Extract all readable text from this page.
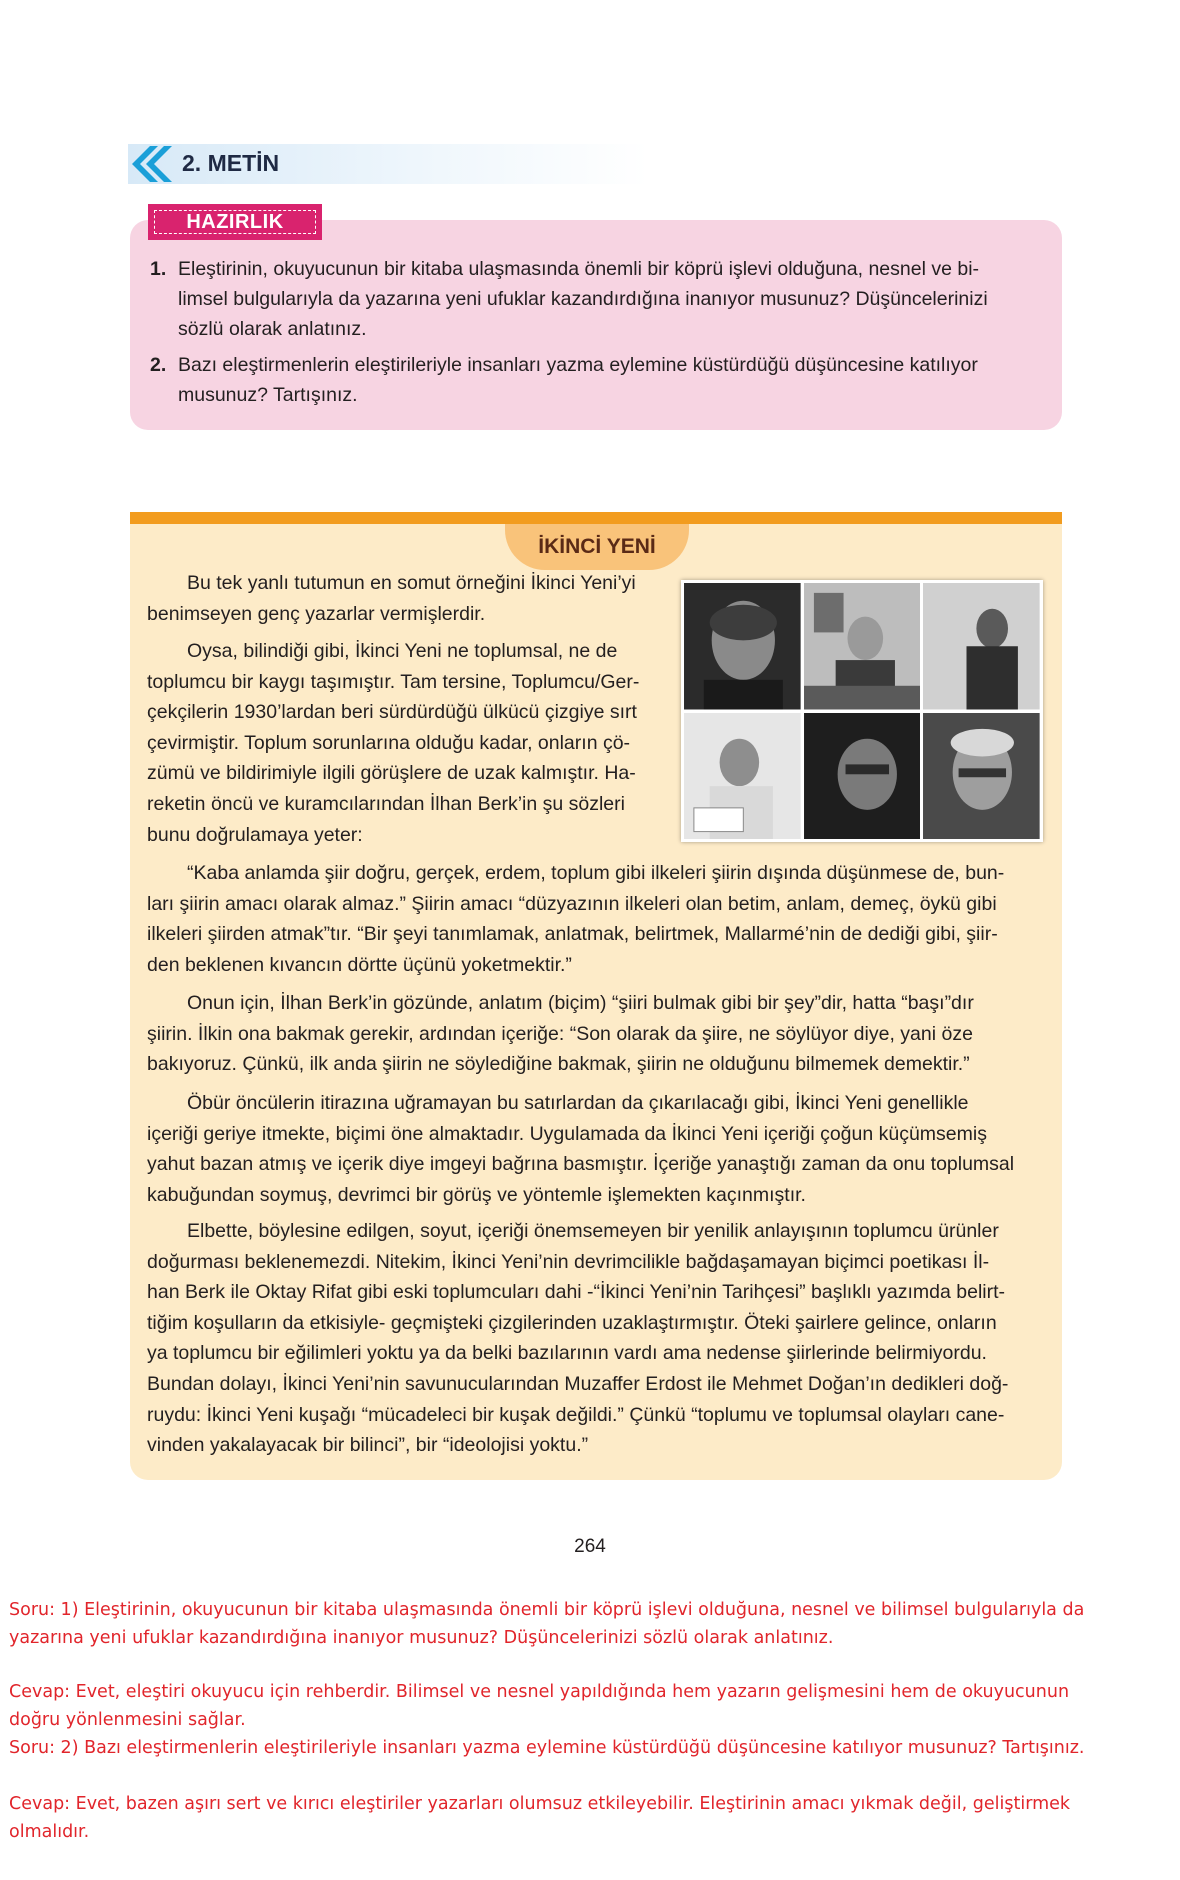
2. METİN
HAZIRLIK
1. Eleştirinin, okuyucunun bir kitaba ulaşmasında önemli bir köprü işlevi olduğuna, nesnel ve bi-
limsel bulgularıyla da yazarına yeni ufuklar kazandırdığına inanıyor musunuz? Düşüncelerinizi
sözlü olarak anlatınız.
2. Bazı eleştirmenlerin eleştirileriyle insanları yazma eylemine küstürdüğü düşüncesine katılıyor
musunuz? Tartışınız.
İKİNCİ YENİ
Bu tek yanlı tutumun en somut örneğini İkinci Yeni’yi
benimseyen genç yazarlar vermişlerdir.
Oysa, bilindiği gibi, İkinci Yeni ne toplumsal, ne de
toplumcu bir kaygı taşımıştır. Tam tersine, Toplumcu/Ger-
çekçilerin 1930’lardan beri sürdürdüğü ülkücü çizgiye sırt
çevirmiştir. Toplum sorunlarına olduğu kadar, onların çö-
zümü ve bildirimiyle ilgili görüşlere de uzak kalmıştır. Ha-
reketin öncü ve kuramcılarından İlhan Berk’in şu sözleri
bunu doğrulamaya yeter:
“Kaba anlamda şiir doğru, gerçek, erdem, toplum gibi ilkeleri şiirin dışında düşünmese de, bun-
ları şiirin amacı olarak almaz.” Şiirin amacı “düzyazının ilkeleri olan betim, anlam, demeç, öykü gibi
ilkeleri şiirden atmak”tır. “Bir şeyi tanımlamak, anlatmak, belirtmek, Mallarmé’nin de dediği gibi, şiir-
den beklenen kıvancın dörtte üçünü yoketmektir.”
Onun için, İlhan Berk’in gözünde, anlatım (biçim) “şiiri bulmak gibi bir şey”dir, hatta “başı”dır
şiirin. İlkin ona bakmak gerekir, ardından içeriğe: “Son olarak da şiire, ne söylüyor diye, yani öze
bakıyoruz. Çünkü, ilk anda şiirin ne söylediğine bakmak, şiirin ne olduğunu bilmemek demektir.”
Öbür öncülerin itirazına uğramayan bu satırlardan da çıkarılacağı gibi, İkinci Yeni genellikle
içeriği geriye itmekte, biçimi öne almaktadır. Uygulamada da İkinci Yeni içeriği çoğun küçümsemiş
yahut bazan atmış ve içerik diye imgeyi bağrına basmıştır. İçeriğe yanaştığı zaman da onu toplumsal
kabuğundan soymuş, devrimci bir görüş ve yöntemle işlemekten kaçınmıştır.
Elbette, böylesine edilgen, soyut, içeriği önemsemeyen bir yenilik anlayışının toplumcu ürünler
doğurması beklenemezdi. Nitekim, İkinci Yeni’nin devrimcilikle bağdaşamayan biçimci poetikası İl-
han Berk ile Oktay Rifat gibi eski toplumcuları dahi -“İkinci Yeni’nin Tarihçesi” başlıklı yazımda belirt-
tiğim koşulların da etkisiyle- geçmişteki çizgilerinden uzaklaştırmıştır. Öteki şairlere gelince, onların
ya toplumcu bir eğilimleri yoktu ya da belki bazılarının vardı ama nedense şiirlerinde belirmiyordu.
Bundan dolayı, İkinci Yeni’nin savunucularından Muzaffer Erdost ile Mehmet Doğan’ın dedikleri doğ-
ruydu: İkinci Yeni kuşağı “mücadeleci bir kuşak değildi.” Çünkü “toplumu ve toplumsal olayları cane-
vinden yakalayacak bir bilinci”, bir “ideolojisi yoktu.”
264
Soru: 1) Eleştirinin, okuyucunun bir kitaba ulaşmasında önemli bir köprü işlevi olduğuna, nesnel ve bilimsel bulgularıyla da
yazarına yeni ufuklar kazandırdığına inanıyor musunuz? Düşüncelerinizi sözlü olarak anlatınız.
Cevap: Evet, eleştiri okuyucu için rehberdir. Bilimsel ve nesnel yapıldığında hem yazarın gelişmesini hem de okuyucunun
doğru yönlenmesini sağlar.
Soru: 2) Bazı eleştirmenlerin eleştirileriyle insanları yazma eylemine küstürdüğü düşüncesine katılıyor musunuz? Tartışınız.
Cevap: Evet, bazen aşırı sert ve kırıcı eleştiriler yazarları olumsuz etkileyebilir. Eleştirinin amacı yıkmak değil, geliştirmek
olmalıdır.
